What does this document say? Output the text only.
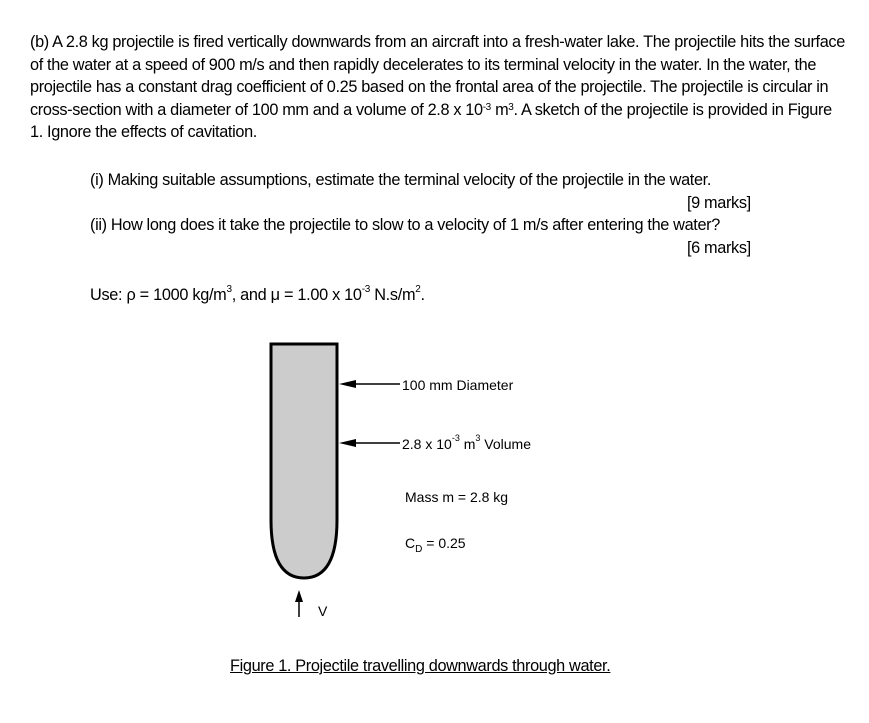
(b) A 2.8 kg projectile is fired vertically downwards from an aircraft into a fresh-water lake. The projectile hits the surface of the water at a speed of 900 m/s and then rapidly decelerates to its terminal velocity in the water. In the water, the projectile has a constant drag coefficient of 0.25 based on the frontal area of the projectile. The projectile is circular in cross-section with a diameter of 100 mm and a volume of 2.8 x $10^{-3}$ $m^3$. A sketch of the projectile is provided in Figure 1. Ignore the effects of cavitation.
(i) Making suitable assumptions, estimate the terminal velocity of the projectile in the water.
[9 marks]
(ii) How long does it take the projectile to slow to a velocity of 1 m/s after entering the water?
[6 marks]
Use: ρ = 1000 $kg/m^3$, and μ = 1.00 x $10^{-3}$ $N.s/m^2$.
100 mm Diameter
2.8 x $10^{-3}$ $m^3$ Volume
Mass m = 2.8 kg
$C_D = 0.25$
V
Figure 1. Projectile travelling downwards through water.
